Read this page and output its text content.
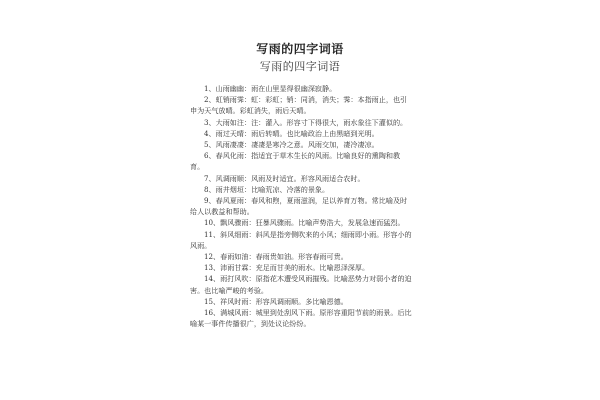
写雨的四字词语
写雨的四字词语

1、山雨幽幽：雨在山里显得很幽深寂静。

2、虹销雨霁：虹：彩虹；销：同消，消失；霁：本指雨止，也引申为天气放晴。彩虹消失，雨后天晴。

3、大雨如注：注：灌入。形容寸下得很大，雨水象往下灌似的。

4、雨过天晴：雨后转晴。也比喻政治上由黑暗到光明。

5、风雨凄凄：凄凄是寒冷之意。风雨交加，凄冷凄凉。

6、春风化雨：指适宜于草木生长的风雨。比喻良好的熏陶和教育。

7、风调雨顺：风雨及时适宜。形容风雨适合农时。

8、雨井烟垣：比喻荒凉、冷落的景象。

9、春风夏雨：春风和煦，夏雨滋润，足以养育万物。常比喻及时给人以教益和帮助。

10、飘风骤雨：狂暴风骤雨。比喻声势浩大，发展急速而猛烈。

11、斜风细雨：斜风是指旁侧吹来的小风；细雨即小雨。形容小的风雨。

12、春雨如油：春雨贵如油。形容春雨可贵。

13、沛雨甘霖：充足而甘美的雨水。比喻恩泽深厚。

14、雨打风吹：原指花木遭受风雨摧残。比喻恶势力对弱小者的迫害。也比喻严峻的考验。

15、祥风时雨：形容风调雨顺。多比喻恩德。

16、满城风雨：城里到处刮风下雨。原形容重阳节前的雨景。后比喻某一事件传播很广，到处议论纷纷。
